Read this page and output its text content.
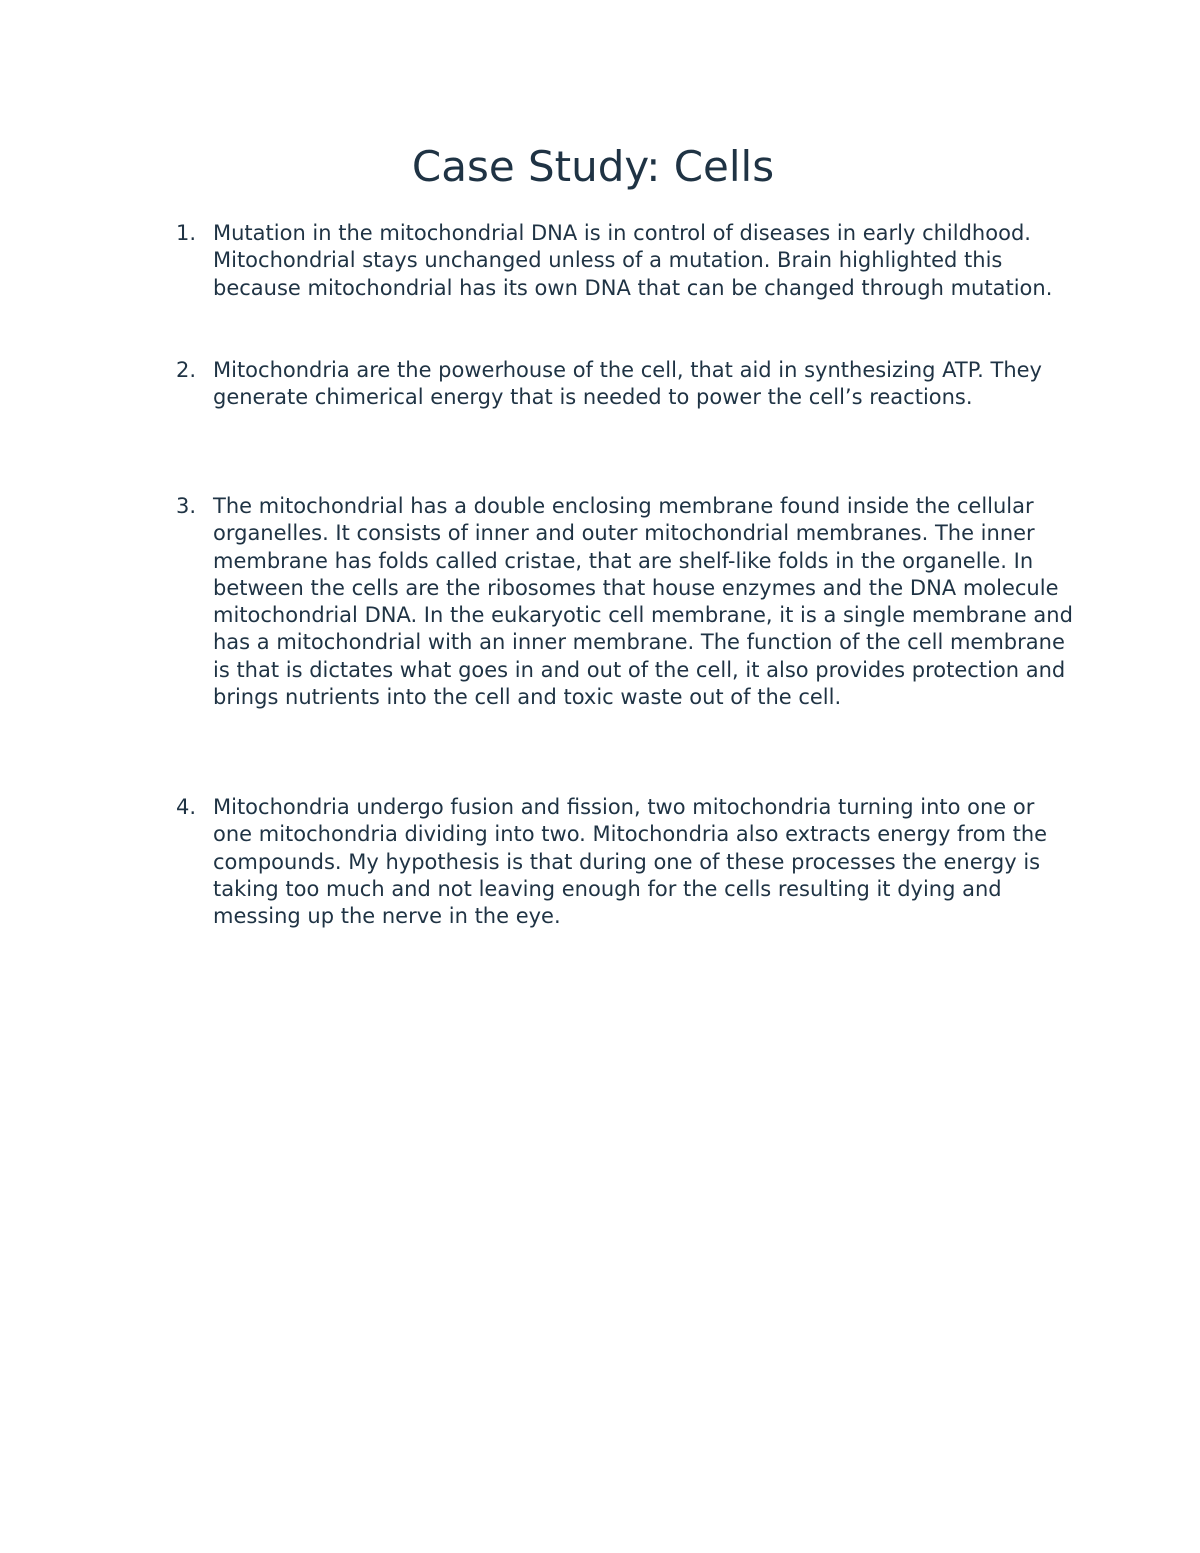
Case Study: Cells
1. Mutation in the mitochondrial DNA is in control of diseases in early childhood. Mitochondrial stays unchanged unless of a mutation. Brain highlighted this because mitochondrial has its own DNA that can be changed through mutation.

2. Mitochondria are the powerhouse of the cell, that aid in synthesizing ATP. They generate chimerical energy that is needed to power the cell’s reactions.

3. The mitochondrial has a double enclosing membrane found inside the cellular organelles. It consists of inner and outer mitochondrial membranes. The inner membrane has folds called cristae, that are shelf-like folds in the organelle. In between the cells are the ribosomes that house enzymes and the DNA molecule mitochondrial DNA. In the eukaryotic cell membrane, it is a single membrane and has a mitochondrial with an inner membrane. The function of the cell membrane is that is dictates what goes in and out of the cell, it also provides protection and brings nutrients into the cell and toxic waste out of the cell.

4. Mitochondria undergo fusion and fission, two mitochondria turning into one or one mitochondria dividing into two. Mitochondria also extracts energy from the compounds. My hypothesis is that during one of these processes the energy is taking too much and not leaving enough for the cells resulting it dying and messing up the nerve in the eye.
